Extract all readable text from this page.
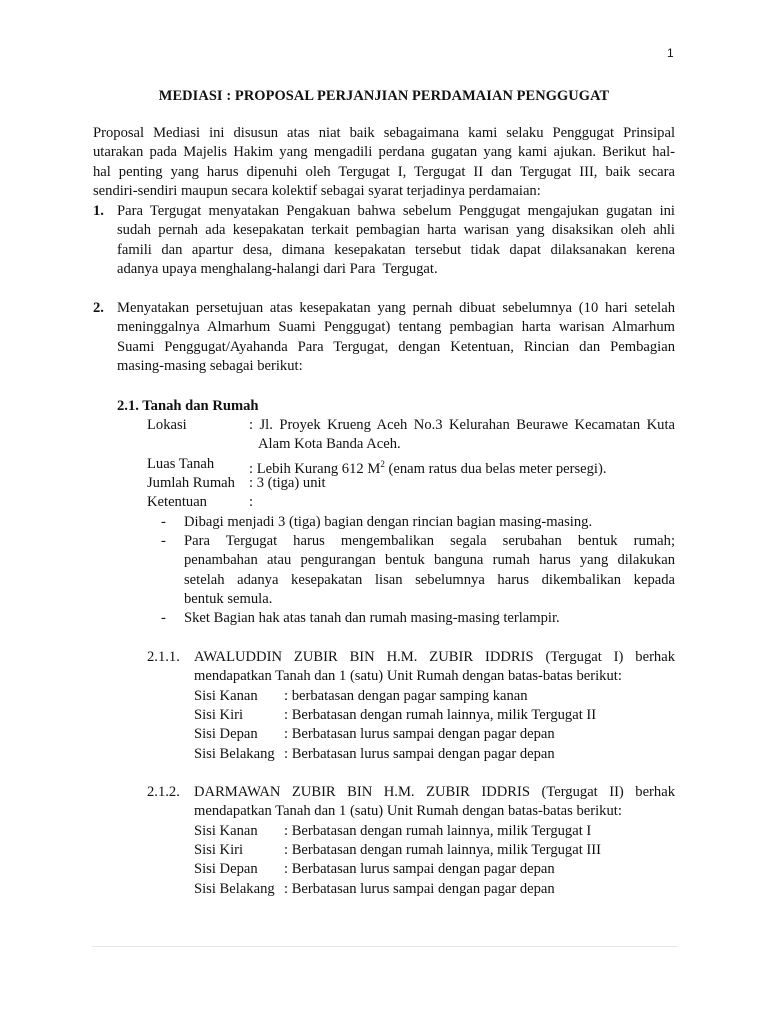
1
MEDIASI : PROPOSAL PERJANJIAN PERDAMAIAN PENGGUGAT
Proposal Mediasi ini disusun atas niat baik sebagaimana kami selaku Penggugat Prinsipal
utarakan pada Majelis Hakim yang mengadili perdana gugatan yang kami ajukan. Berikut hal-
hal penting yang harus dipenuhi oleh Tergugat I, Tergugat II dan Tergugat III, baik secara
sendiri-sendiri maupun secara kolektif sebagai syarat terjadinya perdamaian:
1. Para Tergugat menyatakan Pengakuan bahwa sebelum Penggugat mengajukan gugatan ini
sudah pernah ada kesepakatan terkait pembagian harta warisan yang disaksikan oleh ahli
famili dan apartur desa, dimana kesepakatan tersebut tidak dapat dilaksanakan kerena
adanya upaya menghalang-halangi dari Para  Tergugat.
2. Menyatakan persetujuan atas kesepakatan yang pernah dibuat sebelumnya (10 hari setelah
meninggalnya Almarhum Suami Penggugat) tentang pembagian harta warisan Almarhum
Suami Penggugat/Ayahanda Para Tergugat, dengan Ketentuan, Rincian dan Pembagian
masing-masing sebagai berikut:
2.1. Tanah dan Rumah
Lokasi	: Jl. Proyek Krueng Aceh No.3 Kelurahan Beurawe Kecamatan Kuta
Alam Kota Banda Aceh.
Luas Tanah : Lebih Kurang 612 $M^2$ (enam ratus dua belas meter persegi).
Jumlah Rumah : 3 (tiga) unit
Ketentuan	:
- Dibagi menjadi 3 (tiga) bagian dengan rincian bagian masing-masing.
- Para Tergugat harus mengembalikan segala serubahan bentuk rumah;
penambahan atau pengurangan bentuk banguna rumah harus yang dilakukan
setelah adanya kesepakatan lisan sebelumnya harus dikembalikan kepada
bentuk semula.
- Sket Bagian hak atas tanah dan rumah masing-masing terlampir.
2.1.1. AWALUDDIN ZUBIR BIN H.M. ZUBIR IDDRIS (Tergugat I) berhak
mendapatkan Tanah dan 1 (satu) Unit Rumah dengan batas-batas berikut:
Sisi Kanan : berbatasan dengan pagar samping kanan
Sisi Kiri	: Berbatasan dengan rumah lainnya, milik Tergugat II
Sisi Depan : Berbatasan lurus sampai dengan pagar depan
Sisi Belakang : Berbatasan lurus sampai dengan pagar depan
2.1.2. DARMAWAN ZUBIR BIN H.M. ZUBIR IDDRIS (Tergugat II) berhak
mendapatkan Tanah dan 1 (satu) Unit Rumah dengan batas-batas berikut:
Sisi Kanan : Berbatasan dengan rumah lainnya, milik Tergugat I
Sisi Kiri	: Berbatasan dengan rumah lainnya, milik Tergugat III
Sisi Depan : Berbatasan lurus sampai dengan pagar depan
Sisi Belakang : Berbatasan lurus sampai dengan pagar depan
